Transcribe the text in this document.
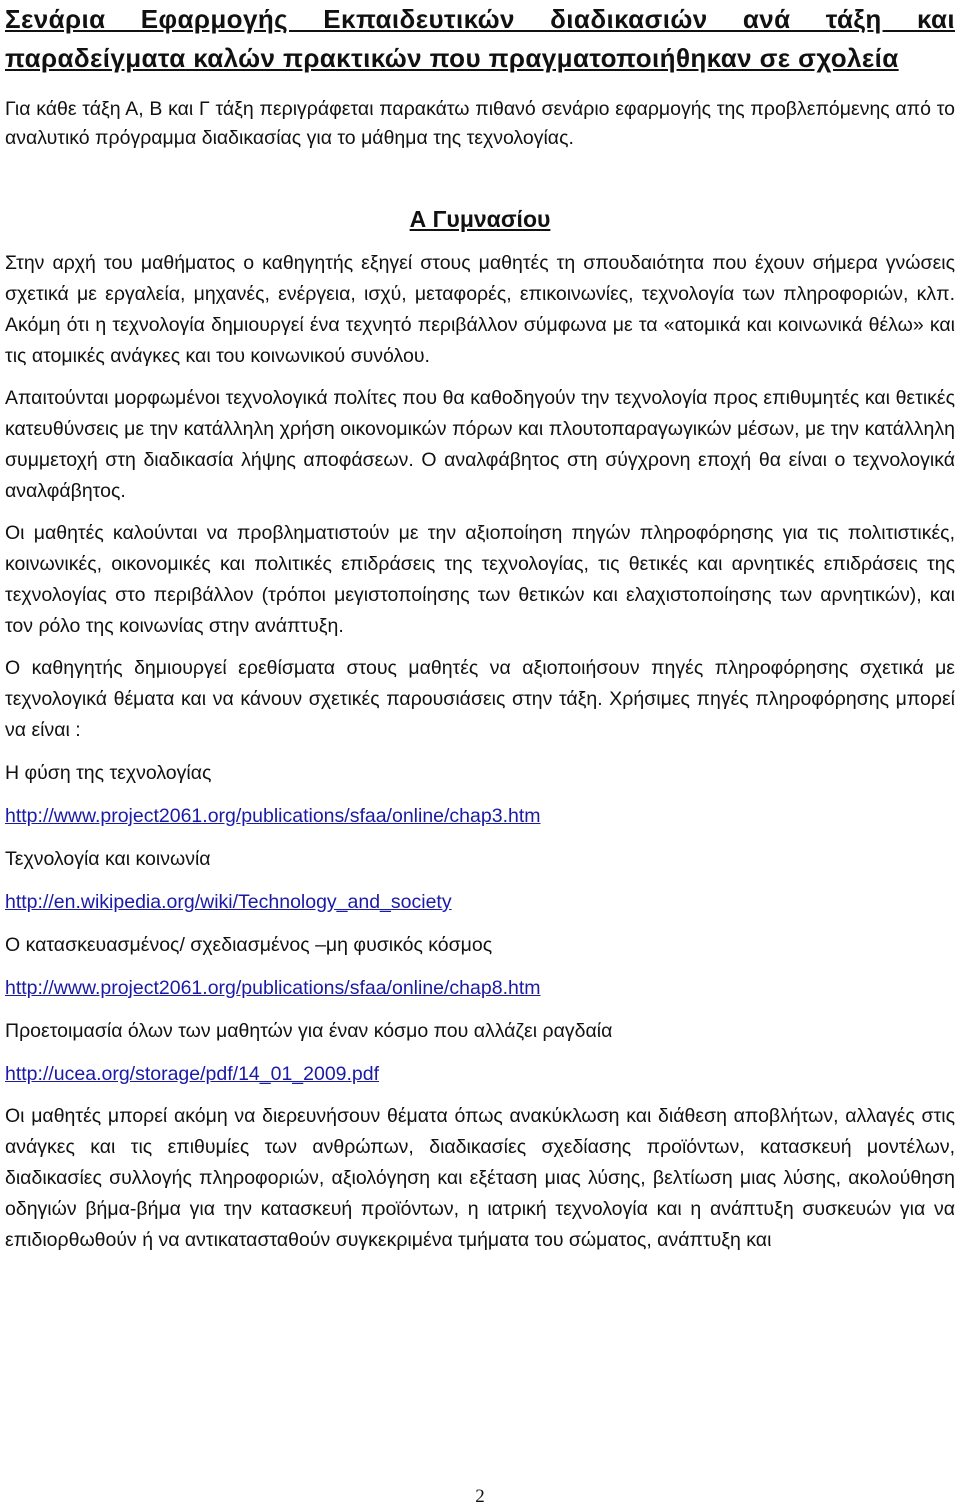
Σενάρια Εφαρμογής Εκπαιδευτικών διαδικασιών ανά τάξη και παραδείγματα καλών πρακτικών που πραγματοποιήθηκαν σε σχολεία

Για κάθε τάξη Α, Β και Γ τάξη περιγράφεται παρακάτω πιθανό σενάριο εφαρμογής της προβλεπόμενης από το αναλυτικό πρόγραμμα διαδικασίας για το μάθημα της τεχνολογίας.

Α Γυμνασίου

Στην αρχή του μαθήματος ο καθηγητής εξηγεί στους μαθητές τη σπουδαιότητα που έχουν σήμερα γνώσεις σχετικά με εργαλεία, μηχανές, ενέργεια, ισχύ, μεταφορές, επικοινωνίες, τεχνολογία των πληροφοριών, κλπ. Ακόμη ότι η τεχνολογία δημιουργεί ένα τεχνητό περιβάλλον σύμφωνα με τα «ατομικά και κοινωνικά θέλω» και τις ατομικές ανάγκες και του κοινωνικού συνόλου.

Απαιτούνται μορφωμένοι τεχνολογικά πολίτες που θα καθοδηγούν την τεχνολογία προς επιθυμητές και θετικές κατευθύνσεις με την κατάλληλη χρήση οικονομικών πόρων και πλουτοπαραγωγικών μέσων, με την κατάλληλη συμμετοχή στη διαδικασία λήψης αποφάσεων. Ο αναλφάβητος στη σύγχρονη εποχή θα είναι ο τεχνολογικά αναλφάβητος.

Οι μαθητές καλούνται να προβληματιστούν με την αξιοποίηση πηγών πληροφόρησης για τις πολιτιστικές, κοινωνικές, οικονομικές και πολιτικές επιδράσεις της τεχνολογίας, τις θετικές και αρνητικές επιδράσεις της τεχνολογίας στο περιβάλλον (τρόποι μεγιστοποίησης των θετικών και ελαχιστοποίησης των αρνητικών), και τον ρόλο της κοινωνίας στην ανάπτυξη.

Ο καθηγητής δημιουργεί ερεθίσματα στους μαθητές να αξιοποιήσουν πηγές πληροφόρησης σχετικά με τεχνολογικά θέματα και να κάνουν σχετικές παρουσιάσεις στην τάξη. Χρήσιμες πηγές πληροφόρησης μπορεί να είναι :

Η φύση της τεχνολογίας
http://www.project2061.org/publications/sfaa/online/chap3.htm
Τεχνολογία και κοινωνία
http://en.wikipedia.org/wiki/Technology_and_society
Ο κατασκευασμένος/ σχεδιασμένος –μη φυσικός κόσμος
http://www.project2061.org/publications/sfaa/online/chap8.htm
Προετοιμασία όλων των μαθητών για έναν κόσμο που αλλάζει ραγδαία
http://ucea.org/storage/pdf/14_01_2009.pdf

Οι μαθητές μπορεί ακόμη να διερευνήσουν θέματα όπως ανακύκλωση και διάθεση αποβλήτων, αλλαγές στις ανάγκες και τις επιθυμίες των ανθρώπων, διαδικασίες σχεδίασης προϊόντων, κατασκευή μοντέλων, διαδικασίες συλλογής πληροφοριών, αξιολόγηση και εξέταση μιας λύσης, βελτίωση μιας λύσης, ακολούθηση οδηγιών βήμα-βήμα για την κατασκευή προϊόντων, η ιατρική τεχνολογία και η ανάπτυξη συσκευών για να επιδιορθωθούν ή να αντικατασταθούν συγκεκριμένα τμήματα του σώματος, ανάπτυξη και

2
